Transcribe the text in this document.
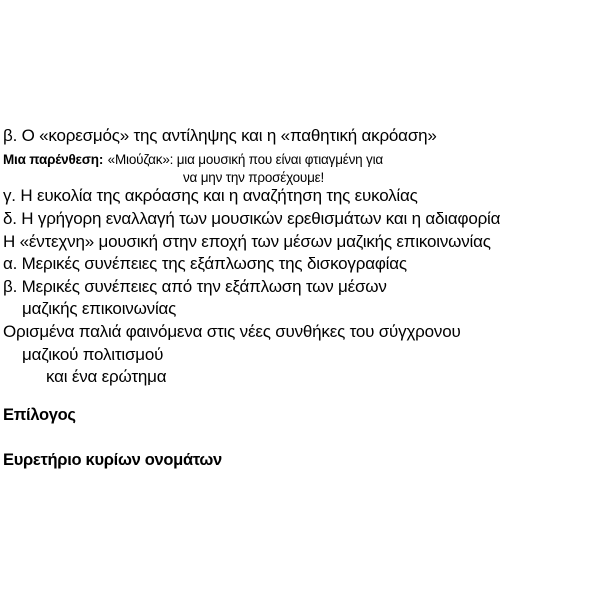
β. Ο «κορεσμός» της αντίληψης και η «παθητική ακρόαση»
Μια παρένθεση: «Μιούζακ»: μια μουσική που είναι φτιαγμένη για
να μην την προσέχουμε!
γ. Η ευκολία της ακρόασης και η αναζήτηση της ευκολίας
δ. Η γρήγορη εναλλαγή των μουσικών ερεθισμάτων και η αδιαφορία
Η «έντεχνη» μουσική στην εποχή των μέσων μαζικής επικοινωνίας
α. Μερικές συνέπειες της εξάπλωσης της δισκογραφίας
β. Μερικές συνέπειες από την εξάπλωση των μέσων
μαζικής επικοινωνίας
Ορισμένα παλιά φαινόμενα στις νέες συνθήκες του σύγχρονου
μαζικού πολιτισμού
και ένα ερώτημα
Επίλογος
Ευρετήριο κυρίων ονομάτων
